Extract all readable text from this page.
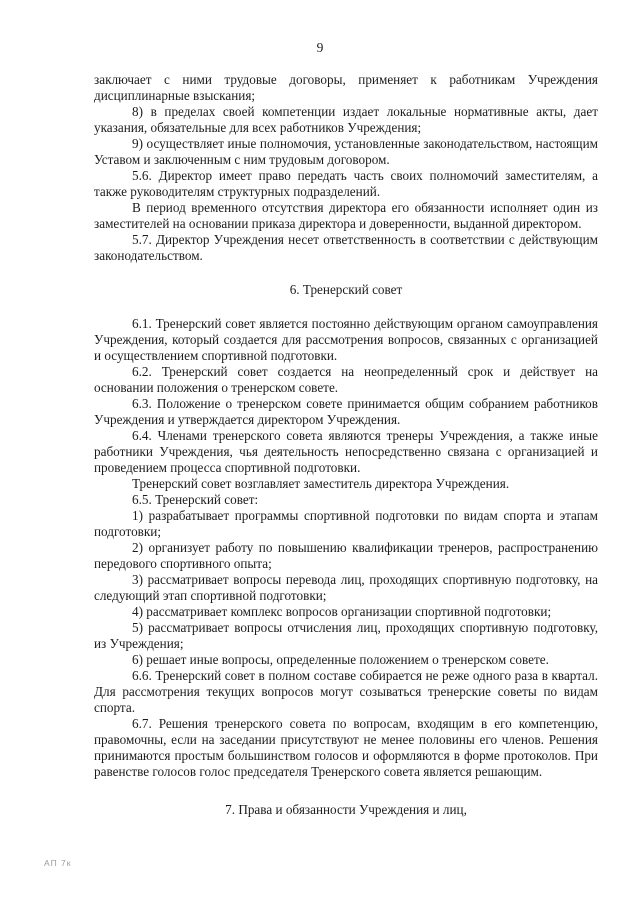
9

заключает с ними трудовые договоры, применяет к работникам Учреждения дисциплинарные взыскания;

8) в пределах своей компетенции издает локальные нормативные акты, дает указания, обязательные для всех работников Учреждения;

9) осуществляет иные полномочия, установленные законодательством, настоящим Уставом и заключенным с ним трудовым договором.

5.6. Директор имеет право передать часть своих полномочий заместителям, а также руководителям структурных подразделений.

В период временного отсутствия директора его обязанности исполняет один из заместителей на основании приказа директора и доверенности, выданной директором.

5.7. Директор Учреждения несет ответственность в соответствии с действующим законодательством.

6. Тренерский совет

6.1. Тренерский совет является постоянно действующим органом самоуправления Учреждения, который создается для рассмотрения вопросов, связанных с организацией и осуществлением спортивной подготовки.

6.2. Тренерский совет создается на неопределенный срок и действует на основании положения о тренерском совете.

6.3. Положение о тренерском совете принимается общим собранием работников Учреждения и утверждается директором Учреждения.

6.4. Членами тренерского совета являются тренеры Учреждения, а также иные работники Учреждения, чья деятельность непосредственно связана с организацией и проведением процесса спортивной подготовки.

Тренерский совет возглавляет заместитель директора Учреждения.

6.5. Тренерский совет:

1) разрабатывает программы спортивной подготовки по видам спорта и этапам подготовки;

2) организует работу по повышению квалификации тренеров, распространению передового спортивного опыта;

3) рассматривает вопросы перевода лиц, проходящих спортивную подготовку, на следующий этап спортивной подготовки;

4) рассматривает комплекс вопросов организации спортивной подготовки;

5) рассматривает вопросы отчисления лиц, проходящих спортивную подготовку, из Учреждения;

6) решает иные вопросы, определенные положением о тренерском совете.

6.6. Тренерский совет в полном составе собирается не реже одного раза в квартал. Для рассмотрения текущих вопросов могут созываться тренерские советы по видам спорта.

6.7. Решения тренерского совета по вопросам, входящим в его компетенцию, правомочны, если на заседании присутствуют не менее половины его членов. Решения принимаются простым большинством голосов и оформляются в форме протоколов. При равенстве голосов голос председателя Тренерского совета является решающим.

7. Права и обязанности Учреждения и лиц,
АП 7к
